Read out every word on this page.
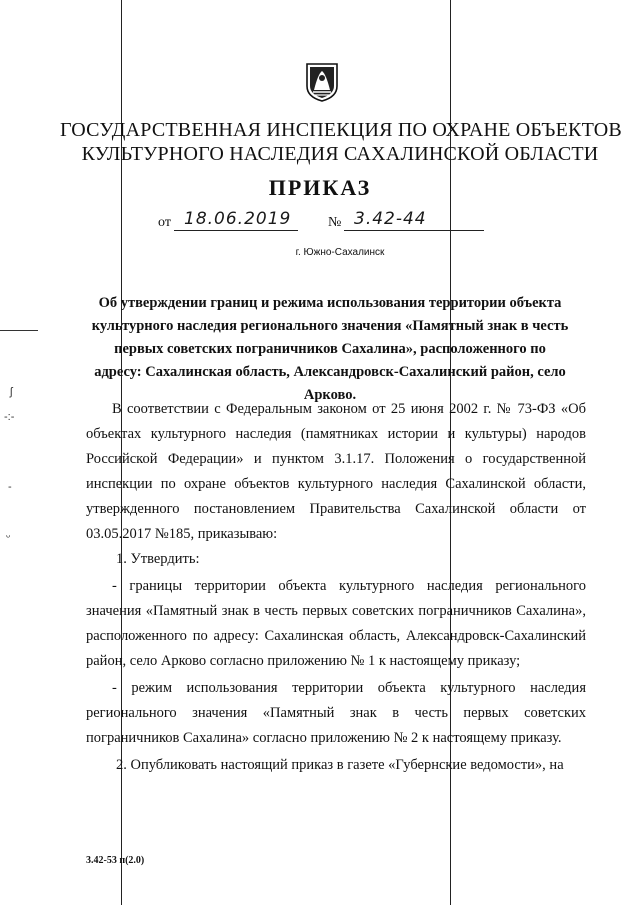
ʃ
-:-
-
ᵕ
ГОСУДАРСТВЕННАЯ ИНСПЕКЦИЯ ПО ОХРАНЕ ОБЪЕКТОВ
КУЛЬТУРНОГО НАСЛЕДИЯ САХАЛИНСКОЙ ОБЛАСТИ
ПРИКАЗ
от 18.06.2019	№ 3.42-44
г. Южно-Сахалинск
Об утверждении границ и режима использования территории объекта
культурного наследия регионального значения «Памятный знак в честь
первых советских пограничников Сахалина», расположенного по
адресу: Сахалинская область, Александровск-Сахалинский район, село
Арково.

В соответствии с Федеральным законом от 25 июня 2002 г. № 73-ФЗ «Об объектах культурного наследия (памятниках истории и культуры) народов Российской Федерации» и пунктом 3.1.17. Положения о государственной инспекции по охране объектов культурного наследия Сахалинской области, утвержденного постановлением Правительства Сахалинской области от 03.05.2017 №185, приказываю:

1. Утвердить:

- границы территории объекта культурного наследия регионального значения «Памятный знак в честь первых советских пограничников Сахалина», расположенного по адресу: Сахалинская область, Александровск-Сахалинский район, село Арково согласно приложению № 1 к настоящему приказу;

- режим использования территории объекта культурного наследия регионального значения «Памятный знак в честь первых советских пограничников Сахалина» согласно приложению № 2 к настоящему приказу.

2. Опубликовать настоящий приказ в газете «Губернские ведомости», на

3.42-53 п(2.0)
